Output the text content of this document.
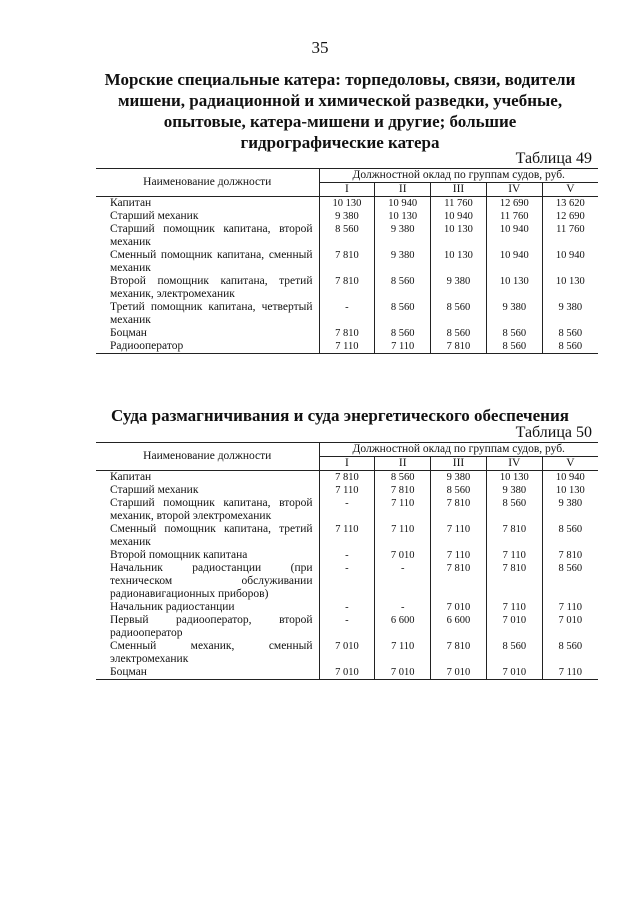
35
Морские специальные катера: торпедоловы, связи, водители мишени, радиационной и химической разведки, учебные, опытовые, катера-мишени и другие; большие гидрографические катера
Таблица 49
Наименование должности	Должностной оклад по группам судов, руб.				
	I	II	III	IV	V
Капитан	10 130	10 940	11 760	12 690	13 620
Старший механик	9 380	10 130	10 940	11 760	12 690
Старший помощник капитана, второй механик	8 560	9 380	10 130	10 940	11 760
Сменный помощник капитана, сменный механик	7 810	9 380	10 130	10 940	10 940
Второй помощник капитана, третий механик, электромеханик	7 810	8 560	9 380	10 130	10 130
Третий помощник капитана, четвертый механик	-	8 560	8 560	9 380	9 380
Боцман	7 810	8 560	8 560	8 560	8 560
Радиооператор	7 110	7 110	7 810	8 560	8 560
Суда размагничивания и суда энергетического обеспечения
Таблица 50
Наименование должности	Должностной оклад по группам судов, руб.				
	I	II	III	IV	V
Капитан	7 810	8 560	9 380	10 130	10 940
Старший механик	7 110	7 810	8 560	9 380	10 130
Старший помощник капитана, второй механик, второй электромеханик	-	7 110	7 810	8 560	9 380
Сменный помощник капитана, третий механик	7 110	7 110	7 110	7 810	8 560
Второй помощник капитана	-	7 010	7 110	7 110	7 810
Начальник радиостанции (при техническом обслуживании радионавигационных приборов)	-	-	7 810	7 810	8 560
Начальник радиостанции	-	-	7 010	7 110	7 110
Первый радиооператор, второй радиооператор	-	6 600	6 600	7 010	7 010
Сменный механик, сменный электромеханик	7 010	7 110	7 810	8 560	8 560
Боцман	7 010	7 010	7 010	7 010	7 110
